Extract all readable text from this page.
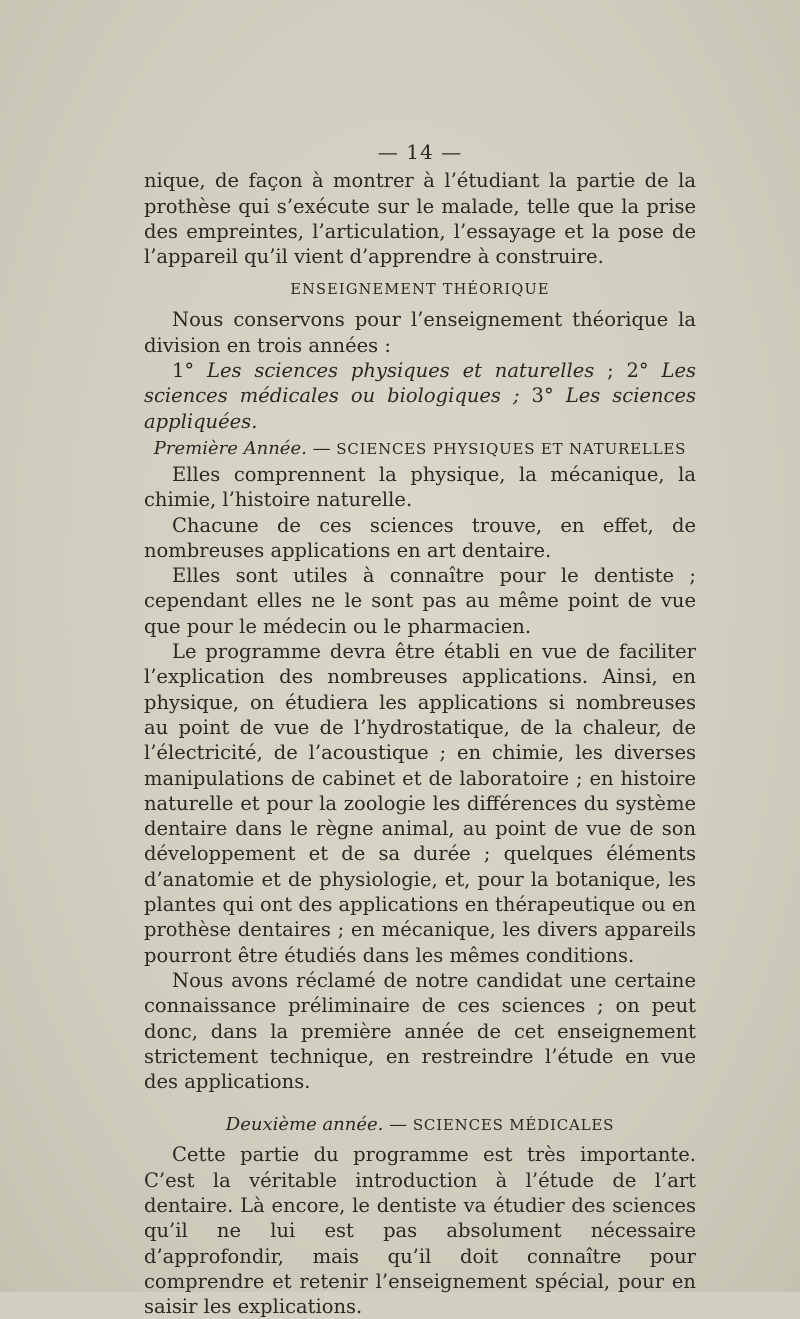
— 14 —

nique, de façon à montrer à l’étudiant la partie de la prothèse qui s’exécute sur le malade, telle que la prise des empreintes, l’articulation, l’essayage et la pose de l’appareil qu’il vient d’apprendre à construire.

ENSEIGNEMENT THÉORIQUE

Nous conservons pour l’enseignement théorique la division en trois années :

1° Les sciences physiques et naturelles ; 2° Les sciences médicales ou biologiques ; 3° Les sciences appliquées.

Première Année. — SCIENCES PHYSIQUES ET NATURELLES

Elles comprennent la physique, la mécanique, la chimie, l’histoire naturelle.

Chacune de ces sciences trouve, en effet, de nombreuses applications en art dentaire.

Elles sont utiles à connaître pour le dentiste ; cependant elles ne le sont pas au même point de vue que pour le médecin ou le pharmacien.

Le programme devra être établi en vue de faciliter l’explication des nombreuses applications. Ainsi, en physique, on étudiera les applications si nombreuses au point de vue de l’hydrostatique, de la chaleur, de l’électricité, de l’acoustique ; en chimie, les diverses manipulations de cabinet et de laboratoire ; en histoire naturelle et pour la zoologie les différences du système dentaire dans le règne animal, au point de vue de son développement et de sa durée ; quelques éléments d’anatomie et de physiologie, et, pour la botanique, les plantes qui ont des applications en thérapeutique ou en prothèse dentaires ; en mécanique, les divers appareils pourront être étudiés dans les mêmes conditions.

Nous avons réclamé de notre candidat une certaine connaissance préliminaire de ces sciences ; on peut donc, dans la première année de cet enseignement strictement technique, en restreindre l’étude en vue des applications.

Deuxième année. — SCIENCES MÉDICALES

Cette partie du programme est très importante. C’est la véritable introduction à l’étude de l’art dentaire. Là encore, le dentiste va étudier des sciences qu’il ne lui est pas absolument nécessaire d’approfondir, mais qu’il doit connaître pour comprendre et retenir l’enseignement spécial, pour en saisir les explications.
